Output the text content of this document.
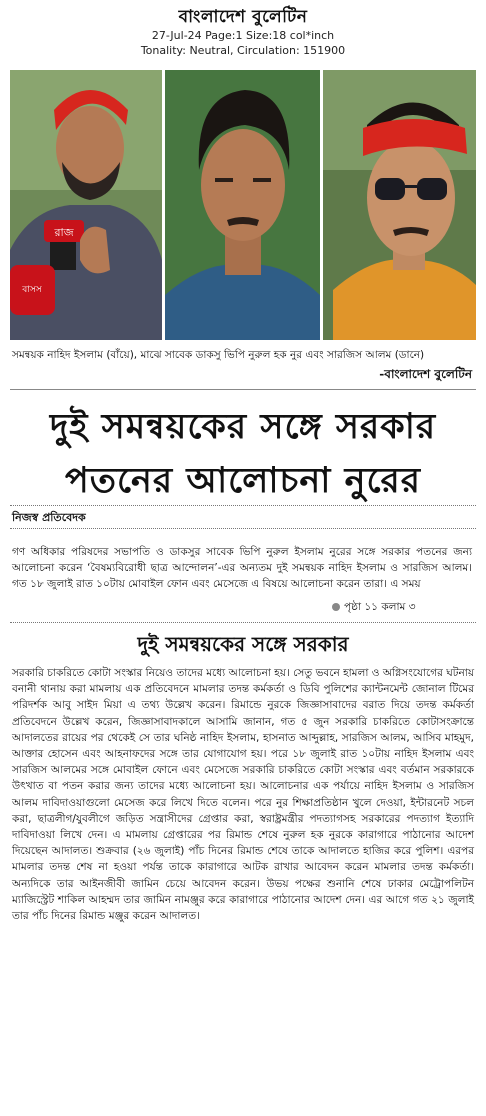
বাংলাদেশ বুলেটিন
27-Jul-24 Page:1 Size:18 col*inch
Tonality: Neutral, Circulation: 151900
রাজ
বাসস
সমন্বয়ক নাহিদ ইসলাম (বাঁয়ে), মাঝে সাবেক ডাকসু ভিপি নুরুল হক নুর এবং সারজিস আলম (ডানে)
-বাংলাদেশ বুলেটিন
দুই সমন্বয়কের সঙ্গে সরকার
পতনের আলোচনা নুরের
নিজস্ব প্রতিবেদক
গণ অধিকার পরিষদের সভাপতি ও ডাকসুর সাবেক ভিপি নুরুল ইসলাম নুরের সঙ্গে সরকার পতনের জন্য আলোচনা করেন ‘বৈষম্যবিরোধী ছাত্র আন্দোলন’-এর অন্যতম দুই সমন্বয়ক নাহিদ ইসলাম ও সারজিস আলম। গত ১৮ জুলাই রাত ১০টায় মোবাইল ফোন এবং মেসেজে এ বিষয়ে আলোচনা করেন তারা। এ সময়
পৃষ্ঠা ১১ কলাম ৩
দুই সমন্বয়কের সঙ্গে সরকার
সরকারি চাকরিতে কোটা সংস্কার নিয়েও তাদের মধ্যে আলোচনা হয়। সেতু ভবনে হামলা ও অগ্নিসংযোগের ঘটনায় বনানী থানায় করা মামলায় এক প্রতিবেদনে মামলার তদন্ত কর্মকর্তা ও ডিবি পুলিশের ক্যান্টনমেন্ট জোনাল টিমের পরিদর্শক আবু সাইদ মিয়া এ তথ্য উল্লেখ করেন। রিমান্ডে নুরকে জিজ্ঞাসাবাদের বরাত দিয়ে তদন্ত কর্মকর্তা প্রতিবেদনে উল্লেখ করেন, জিজ্ঞাসাবাদকালে আসামি জানান, গত ৫ জুন সরকারি চাকরিতে কোটাসংক্রান্তে আদালতের রায়ের পর থেকেই সে তার ঘনিষ্ঠ নাহিদ ইসলাম, হাসনাত আব্দুল্লাহ, সারজিস আলম, আসিব মাহমুদ, আক্তার হোসেন এবং আহনাফদের সঙ্গে তার যোগাযোগ হয়। পরে ১৮ জুলাই রাত ১০টায় নাহিদ ইসলাম এবং সারজিস আলমের সঙ্গে মোবাইল ফোনে এবং মেসেজে সরকারি চাকরিতে কোটা সংস্কার এবং বর্তমান সরকারকে উৎখাত বা পতন করার জন্য তাদের মধ্যে আলোচনা হয়। আলোচনার এক পর্যায়ে নাহিদ ইসলাম ও সারজিস আলম দাবিদাওয়াগুলো মেসেজ করে লিখে দিতে বলেন। পরে নুর শিক্ষাপ্রতিষ্ঠান খুলে দেওয়া, ইন্টারনেট সচল করা, ছাত্রলীগ/যুবলীগে জড়িত সন্ত্রাসীদের গ্রেপ্তার করা, স্বরাষ্ট্রমন্ত্রীর পদত্যাগসহ সরকারের পদত্যাগ ইত্যাদি দাবিদাওয়া লিখে দেন। এ মামলায় গ্রেপ্তারের পর রিমান্ড শেষে নুরুল হক নুরকে কারাগারে পাঠানোর আদেশ দিয়েছেন আদালত। শুক্রবার (২৬ জুলাই) পাঁচ দিনের রিমান্ড শেষে তাকে আদালতে হাজির করে পুলিশ। এরপর মামলার তদন্ত শেষ না হওয়া পর্যন্ত তাকে কারাগারে আটক রাখার আবেদন করেন মামলার তদন্ত কর্মকর্তা। অন্যদিকে তার আইনজীবী জামিন চেয়ে আবেদন করেন। উভয় পক্ষের শুনানি শেষে ঢাকার মেট্রোপলিটন ম্যাজিস্ট্রেট শাকিল আহম্মদ তার জামিন নামঞ্জুর করে কারাগারে পাঠানোর আদেশ দেন। এর আগে গত ২১ জুলাই তার পাঁচ দিনের রিমান্ড মঞ্জুর করেন আদালত।
